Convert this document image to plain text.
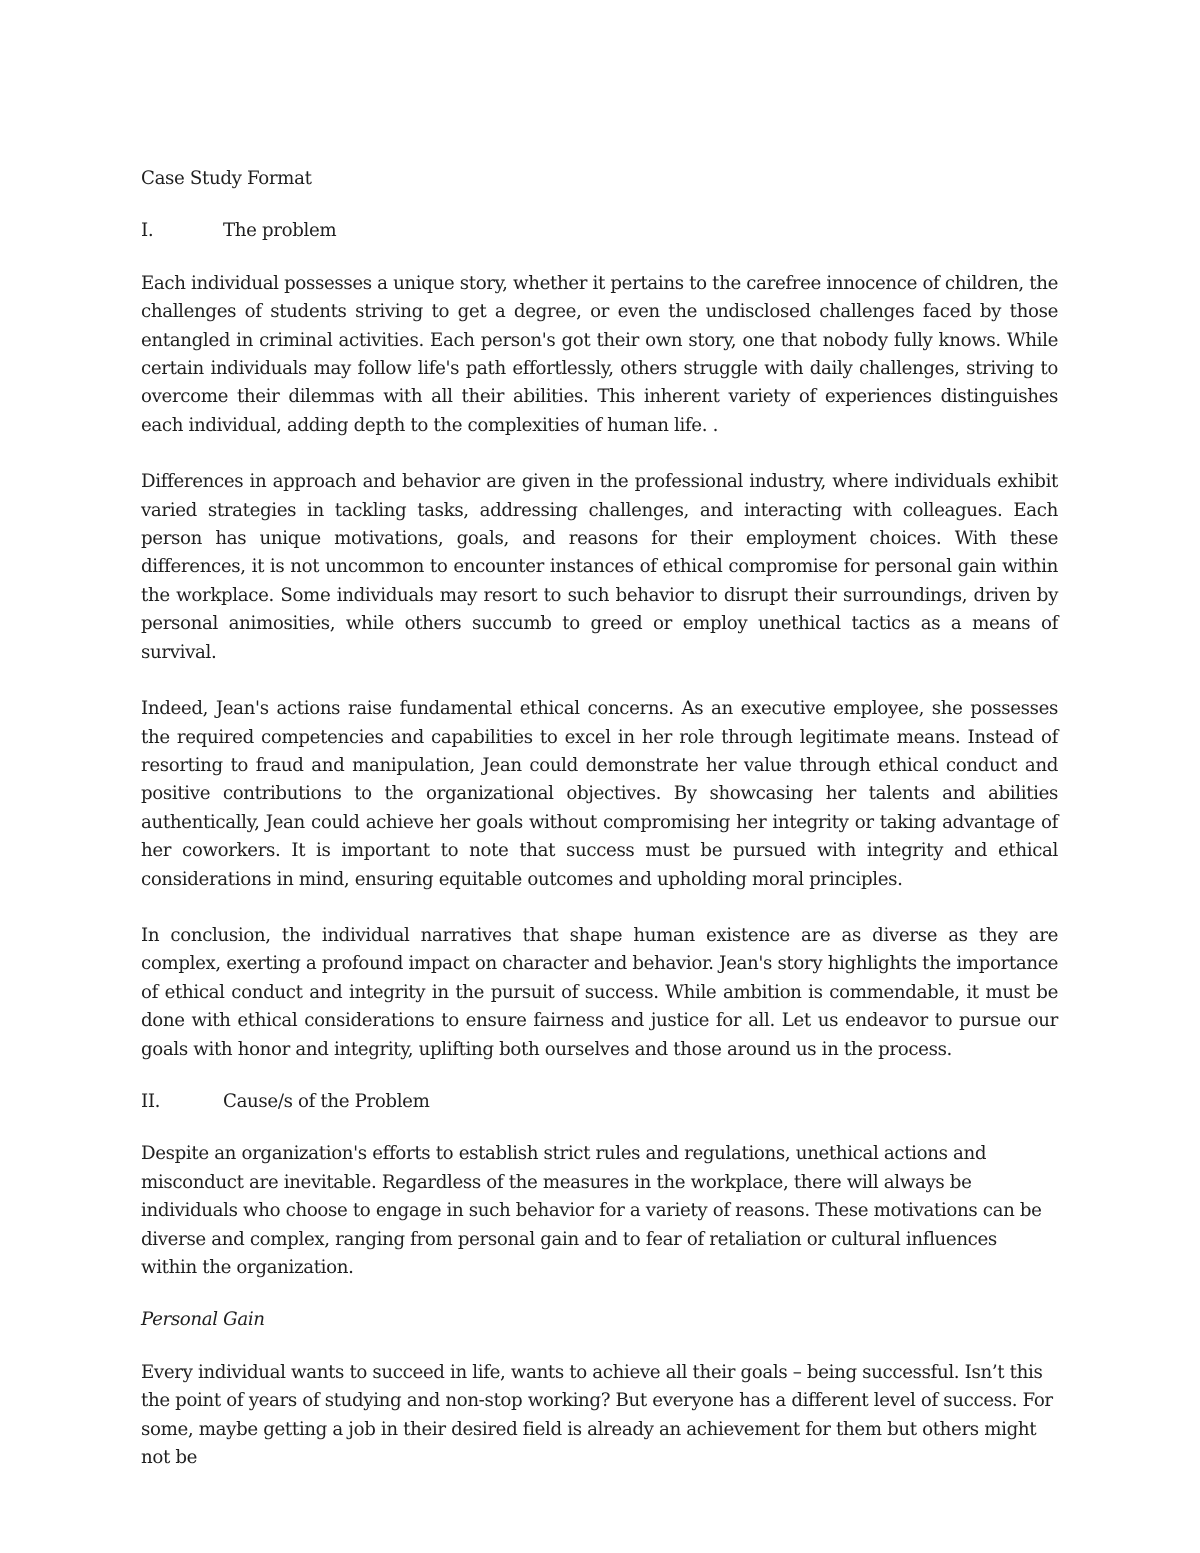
Case Study Format
I.	The problem

Each individual possesses a unique story, whether it pertains to the carefree innocence of children, the challenges of students striving to get a degree, or even the undisclosed challenges faced by those entangled in criminal activities. Each person's got their own story, one that nobody fully knows. While certain individuals may follow life's path effortlessly, others struggle with daily challenges, striving to overcome their dilemmas with all their abilities. This inherent variety of experiences distinguishes each individual, adding depth to the complexities of human life. .

Differences in approach and behavior are given in the professional industry, where individuals exhibit varied strategies in tackling tasks, addressing challenges, and interacting with colleagues. Each person has unique motivations, goals, and reasons for their employment choices. With these differences, it is not uncommon to encounter instances of ethical compromise for personal gain within the workplace. Some individuals may resort to such behavior to disrupt their surroundings, driven by personal animosities, while others succumb to greed or employ unethical tactics as a means of survival.

Indeed, Jean's actions raise fundamental ethical concerns. As an executive employee, she possesses the required competencies and capabilities to excel in her role through legitimate means. Instead of resorting to fraud and manipulation, Jean could demonstrate her value through ethical conduct and positive contributions to the organizational objectives. By showcasing her talents and abilities authentically, Jean could achieve her goals without compromising her integrity or taking advantage of her coworkers. It is important to note that success must be pursued with integrity and ethical considerations in mind, ensuring equitable outcomes and upholding moral principles.

In conclusion, the individual narratives that shape human existence are as diverse as they are complex, exerting a profound impact on character and behavior. Jean's story highlights the importance of ethical conduct and integrity in the pursuit of success. While ambition is commendable, it must be done with ethical considerations to ensure fairness and justice for all. Let us endeavor to pursue our goals with honor and integrity, uplifting both ourselves and those around us in the process.

II.	Cause/s of the Problem

Despite an organization's efforts to establish strict rules and regulations, unethical actions and misconduct are inevitable. Regardless of the measures in the workplace, there will always be individuals who choose to engage in such behavior for a variety of reasons. These motivations can be diverse and complex, ranging from personal gain and to fear of retaliation or cultural influences within the organization.

Personal Gain

Every individual wants to succeed in life, wants to achieve all their goals – being successful. Isn’t this the point of years of studying and non-stop working? But everyone has a different level of success. For some, maybe getting a job in their desired field is already an achievement for them but others might not be
